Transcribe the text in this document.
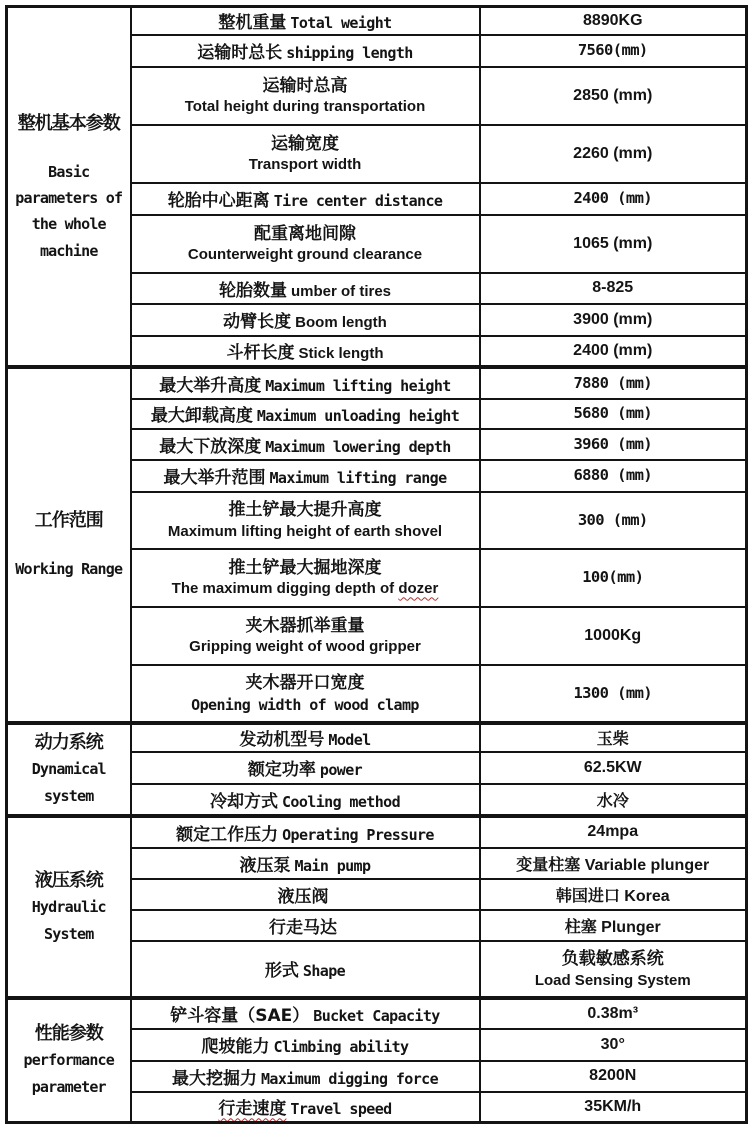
整机基本参数
Basic parameters of the whole machine	整机重量 Total weight	8890KG
	运输时总长 shipping length	7560(mm)

	运输时总高
Total height during transportation	2850 (mm)

	运输宽度
Transport width	2260 (mm)
	轮胎中心距离 Tire center distance	2400 (mm)

	配重离地间隙
Counterweight ground clearance	1065 (mm)
	轮胎数量 umber of tires	8-825
	动臂长度 Boom length	3900 (mm)
	斗杆长度 Stick length	2400 (mm)

工作范围
Working Range	最大举升高度 Maximum lifting height	7880 (mm)
	最大卸载高度 Maximum unloading height	5680 (mm)
	最大下放深度 Maximum lowering depth	3960 (mm)
	最大举升范围 Maximum lifting range	6880 (mm)

	推土铲最大提升高度
Maximum lifting height of earth shovel	300 (mm)

	推土铲最大掘地深度
The maximum digging depth of dozer	100(mm)

	夹木器抓举重量
Gripping weight of wood gripper	1000Kg

	夹木器开口宽度
Opening width of wood clamp	1300 (mm)

动力系统
Dynamical system	发动机型号 Model	玉柴
	额定功率 power	62.5KW
	冷却方式 Cooling method	水冷

液压系统
Hydraulic System	额定工作压力 Operating Pressure	24mpa
	液压泵 Main pump	变量柱塞 Variable plunger
	液压阀	韩国进口 Korea
	行走马达	柱塞 Plunger
	形式 Shape	负载敏感系统
Load Sensing System

性能参数
performance parameter	铲斗容量（SAE） Bucket Capacity	0.38m³
	爬坡能力 Climbing ability	30°
	最大挖掘力 Maximum digging force	8200N
	行走速度 Travel speed	35KM/h
